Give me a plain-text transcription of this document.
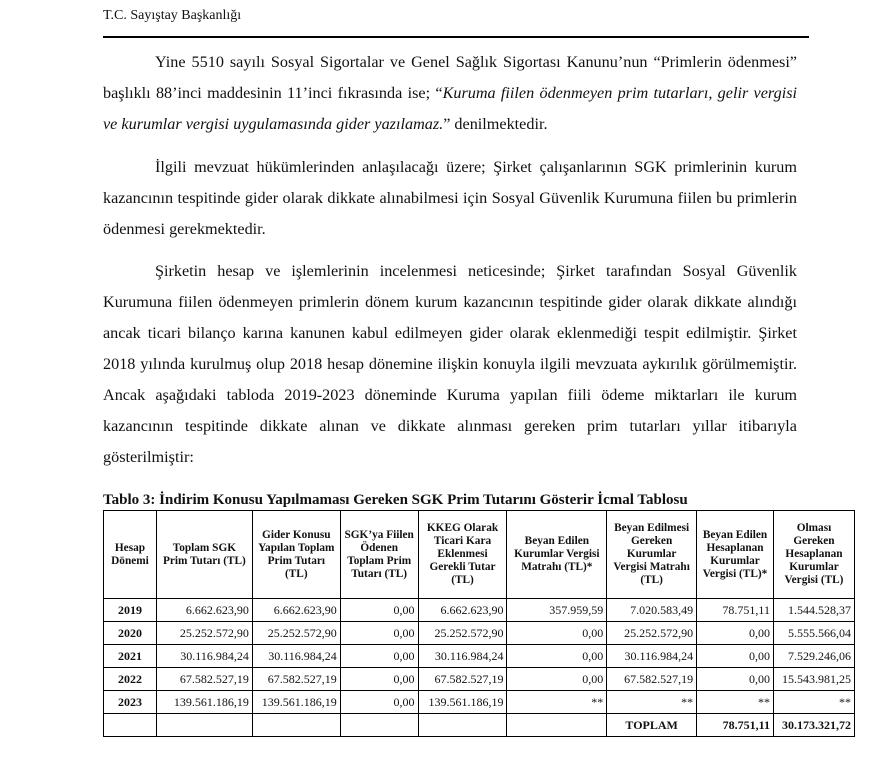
T.C. Sayıştay Başkanlığı

Yine 5510 sayılı Sosyal Sigortalar ve Genel Sağlık Sigortası Kanunu’nun “Primlerin ödenmesi” başlıklı 88’inci maddesinin 11’inci fıkrasında ise; “Kuruma fiilen ödenmeyen prim tutarları, gelir vergisi ve kurumlar vergisi uygulamasında gider yazılamaz.” denilmektedir.

İlgili mevzuat hükümlerinden anlaşılacağı üzere; Şirket çalışanlarının SGK primlerinin kurum kazancının tespitinde gider olarak dikkate alınabilmesi için Sosyal Güvenlik Kurumuna fiilen bu primlerin ödenmesi gerekmektedir.

Şirketin hesap ve işlemlerinin incelenmesi neticesinde; Şirket tarafından Sosyal Güvenlik Kurumuna fiilen ödenmeyen primlerin dönem kurum kazancının tespitinde gider olarak dikkate alındığı ancak ticari bilanço karına kanunen kabul edilmeyen gider olarak eklenmediği tespit edilmiştir. Şirket 2018 yılında kurulmuş olup 2018 hesap dönemine ilişkin konuyla ilgili mevzuata aykırılık görülmemiştir. Ancak aşağıdaki tabloda 2019-2023 döneminde Kuruma yapılan fiili ödeme miktarları ile kurum kazancının tespitinde dikkate alınan ve dikkate alınması gereken prim tutarları yıllar itibarıyla gösterilmiştir:

Tablo 3: İndirim Konusu Yapılmaması Gereken SGK Prim Tutarını Gösterir İcmal Tablosu
Hesap Dönemi	Toplam SGK Prim Tutarı (TL)	Gider Konusu Yapılan Toplam Prim Tutarı (TL)	SGK’ya Fiilen Ödenen Toplam Prim Tutarı (TL)	KKEG Olarak Ticari Kara Eklenmesi Gerekli Tutar (TL)	Beyan Edilen Kurumlar Vergisi Matrahı (TL)*	Beyan Edilmesi Gereken Kurumlar Vergisi Matrahı (TL)	Beyan Edilen Hesaplanan Kurumlar Vergisi (TL)*	Olması Gereken Hesaplanan Kurumlar Vergisi (TL)
2019	6.662.623,90	6.662.623,90	0,00	6.662.623,90	357.959,59	7.020.583,49	78.751,11	1.544.528,37
2020	25.252.572,90	25.252.572,90	0,00	25.252.572,90	0,00	25.252.572,90	0,00	5.555.566,04
2021	30.116.984,24	30.116.984,24	0,00	30.116.984,24	0,00	30.116.984,24	0,00	7.529.246,06
2022	67.582.527,19	67.582.527,19	0,00	67.582.527,19	0,00	67.582.527,19	0,00	15.543.981,25
2023	139.561.186,19	139.561.186,19	0,00	139.561.186,19	**	**	**	**
						TOPLAM	78.751,11	30.173.321,72
